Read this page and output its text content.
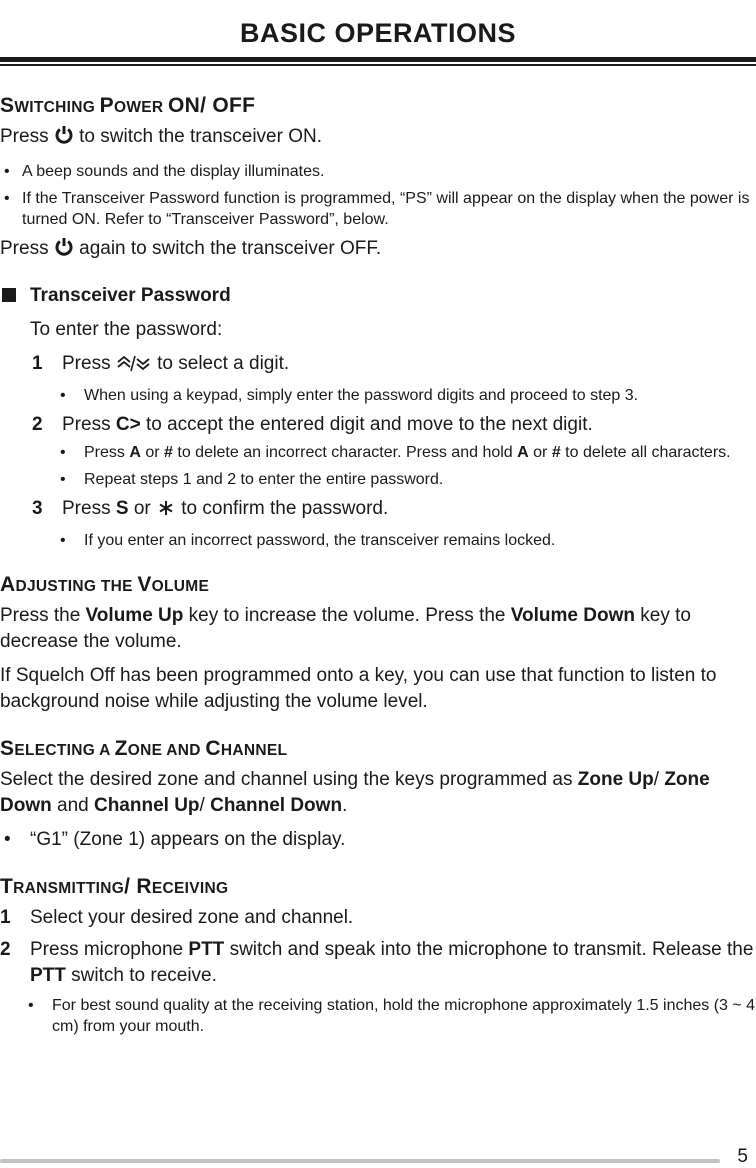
BASIC OPERATIONS
SWITCHING POWER ON/ OFF
Press  to switch the transceiver ON.
• A beep sounds and the display illuminates.
• If the Transceiver Password function is programmed, “PS” will appear on the display when the power is turned ON. Refer to “Transceiver Password”, below.
Press  again to switch the transceiver OFF.
Transceiver Password
To enter the password:
1 Press  to select a digit.
• When using a keypad, simply enter the password digits and proceed to step 3.
2 Press C> to accept the entered digit and move to the next digit.
• Press A or # to delete an incorrect character. Press and hold A or # to delete all characters.
• Repeat steps 1 and 2 to enter the entire password.
3 Press S or  to confirm the password.
• If you enter an incorrect password, the transceiver remains locked.
ADJUSTING THE VOLUME
Press the Volume Up key to increase the volume. Press the Volume Down key to decrease the volume.
If Squelch Off has been programmed onto a key, you can use that function to listen to background noise while adjusting the volume level.
SELECTING A ZONE AND CHANNEL
Select the desired zone and channel using the keys programmed as Zone Up/ Zone Down and Channel Up/ Channel Down.
• “G1” (Zone 1) appears on the display.
TRANSMITTING/ RECEIVING
1 Select your desired zone and channel.
2 Press microphone PTT switch and speak into the microphone to transmit. Release the PTT switch to receive.
• For best sound quality at the receiving station, hold the microphone approximately 1.5 inches (3 ~ 4 cm) from your mouth.
5
